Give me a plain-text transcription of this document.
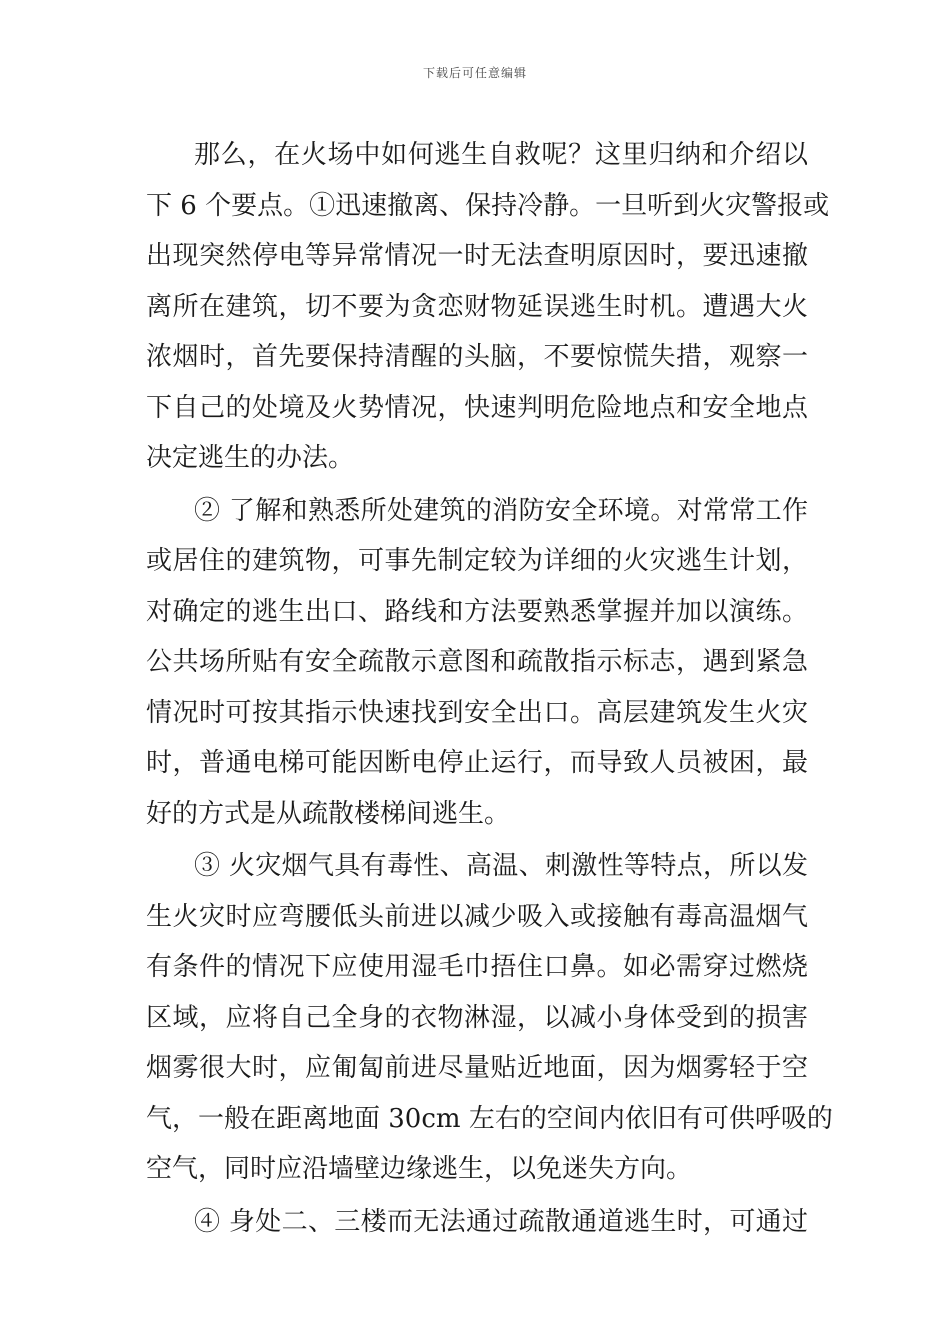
下载后可任意编辑
那么，在火场中如何逃生自救呢？这里归纳和介绍以
下 6 个要点。①迅速撤离、保持冷静。一旦听到火灾警报或
出现突然停电等异常情况一时无法查明原因时，要迅速撤
离所在建筑，切不要为贪恋财物延误逃生时机。遭遇大火
浓烟时，首先要保持清醒的头脑，不要惊慌失措，观察一
下自己的处境及火势情况，快速判明危险地点和安全地点
决定逃生的办法。
② 了解和熟悉所处建筑的消防安全环境。对常常工作
或居住的建筑物，可事先制定较为详细的火灾逃生计划，
对确定的逃生出口、路线和方法要熟悉掌握并加以演练。
公共场所贴有安全疏散示意图和疏散指示标志，遇到紧急
情况时可按其指示快速找到安全出口。高层建筑发生火灾
时，普通电梯可能因断电停止运行，而导致人员被困，最
好的方式是从疏散楼梯间逃生。
③ 火灾烟气具有毒性、高温、刺激性等特点，所以发
生火灾时应弯腰低头前进以减少吸入或接触有毒高温烟气
有条件的情况下应使用湿毛巾捂住口鼻。如必需穿过燃烧
区域，应将自己全身的衣物淋湿，以减小身体受到的损害
烟雾很大时，应匍匐前进尽量贴近地面，因为烟雾轻于空
气，一般在距离地面 30cm 左右的空间内依旧有可供呼吸的
空气，同时应沿墙壁边缘逃生，以免迷失方向。
④ 身处二、三楼而无法通过疏散通道逃生时，可通过
